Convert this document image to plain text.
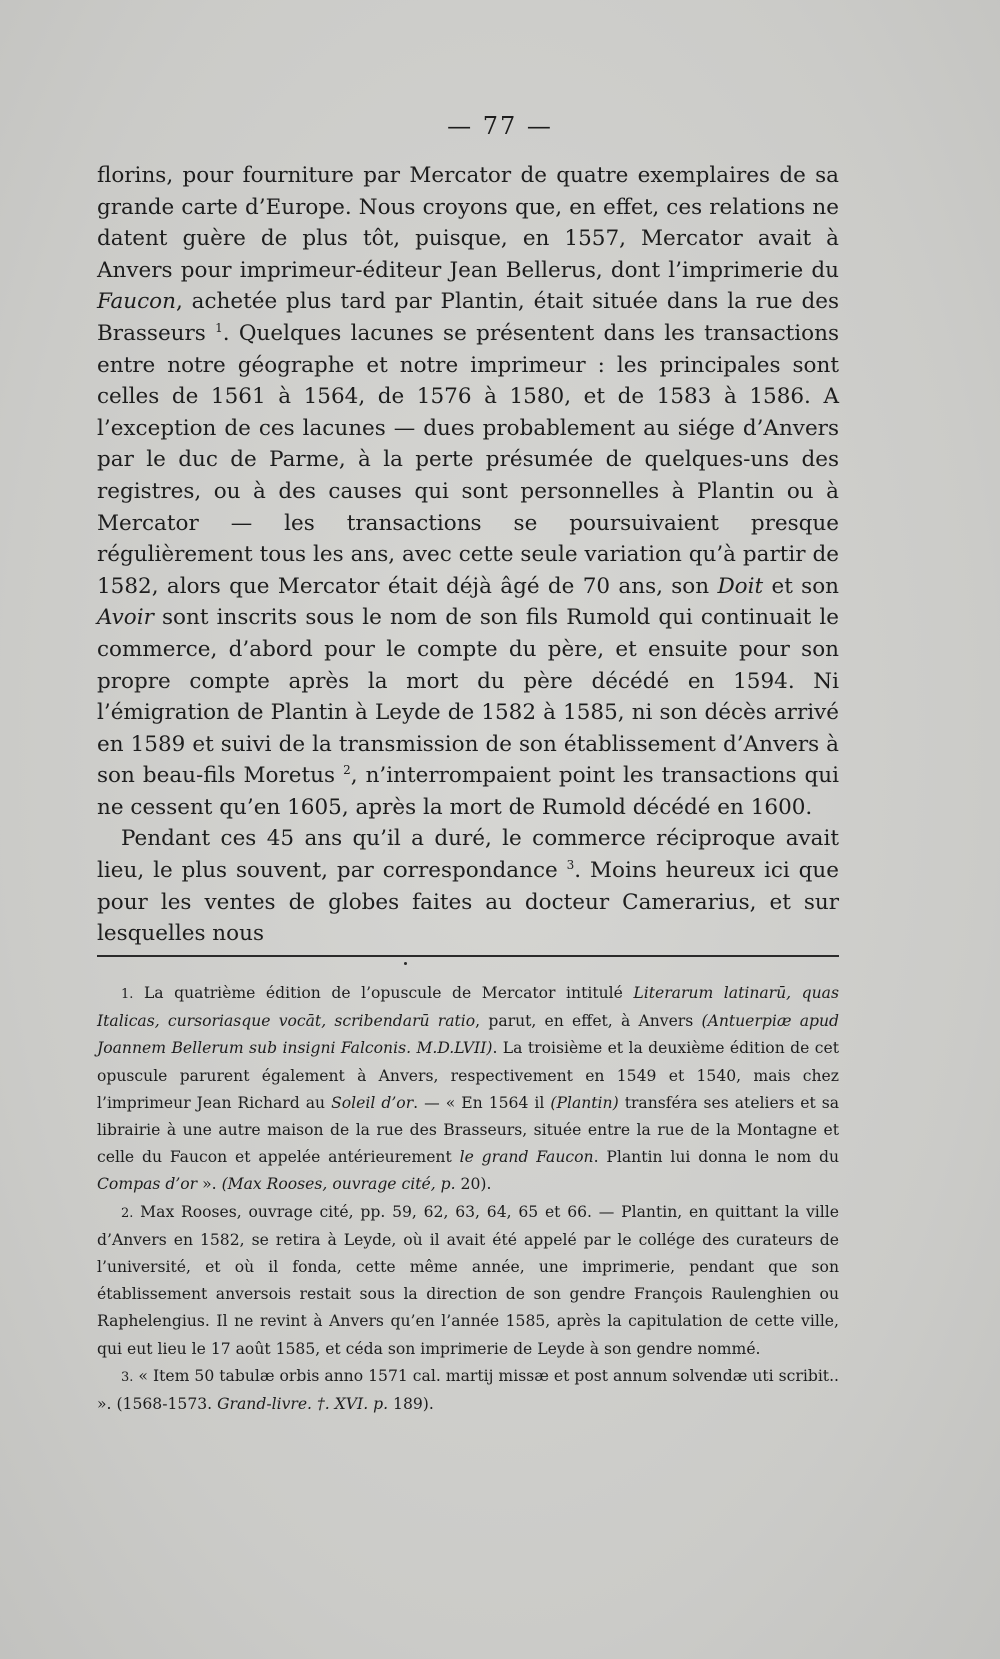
— 77 —

florins, pour fourniture par Mercator de quatre exemplaires de sa grande carte d’Europe. Nous croyons que, en effet, ces relations ne datent guère de plus tôt, puisque, en 1557, Mercator avait à Anvers pour imprimeur-éditeur Jean Bellerus, dont l’imprimerie du Faucon, achetée plus tard par Plantin, était située dans la rue des Brasseurs $^1$. Quelques lacunes se présentent dans les transactions entre notre géographe et notre imprimeur : les principales sont celles de 1561 à 1564, de 1576 à 1580, et de 1583 à 1586. A l’exception de ces lacunes — dues probablement au siége d’Anvers par le duc de Parme, à la perte présumée de quelques-uns des registres, ou à des causes qui sont personnelles à Plantin ou à Mercator — les transactions se poursuivaient presque régulièrement tous les ans, avec cette seule variation qu’à partir de 1582, alors que Mercator était déjà âgé de 70 ans, son Doit et son Avoir sont inscrits sous le nom de son fils Rumold qui continuait le commerce, d’abord pour le compte du père, et ensuite pour son propre compte après la mort du père décédé en 1594. Ni l’émigration de Plantin à Leyde de 1582 à 1585, ni son décès arrivé en 1589 et suivi de la transmission de son établissement d’Anvers à son beau-fils Moretus $^2$, n’interrompaient point les transactions qui ne cessent qu’en 1605, après la mort de Rumold décédé en 1600.

Pendant ces 45 ans qu’il a duré, le commerce réciproque avait lieu, le plus souvent, par correspondance $^3$. Moins heureux ici que pour les ventes de globes faites au docteur Camerarius, et sur lesquelles nous

1. La quatrième édition de l’opuscule de Mercator intitulé Literarum latinarū, quas Italicas, cursoriasque vocāt, scribendarū ratio, parut, en effet, à Anvers (Antuerpiæ apud Joannem Bellerum sub insigni Falconis. M.D.LVII). La troisième et la deuxième édition de cet opuscule parurent également à Anvers, respectivement en 1549 et 1540, mais chez l’imprimeur Jean Richard au Soleil d’or. — « En 1564 il (Plantin) transféra ses ateliers et sa librairie à une autre maison de la rue des Brasseurs, située entre la rue de la Montagne et celle du Faucon et appelée antérieurement le grand Faucon. Plantin lui donna le nom du Compas d’or ». (Max Rooses, ouvrage cité, p. 20).

2. Max Rooses, ouvrage cité, pp. 59, 62, 63, 64, 65 et 66. — Plantin, en quittant la ville d’Anvers en 1582, se retira à Leyde, où il avait été appelé par le collége des curateurs de l’université, et où il fonda, cette même année, une imprimerie, pendant que son établissement anversois restait sous la direction de son gendre François Raulenghien ou Raphelengius. Il ne revint à Anvers qu’en l’année 1585, après la capitulation de cette ville, qui eut lieu le 17 août 1585, et céda son imprimerie de Leyde à son gendre nommé.

3. « Item 50 tabulæ orbis anno 1571 cal. martij missæ et post annum solvendæ uti scribit.. ». (1568-1573. Grand-livre. †. XVI. p. 189).
